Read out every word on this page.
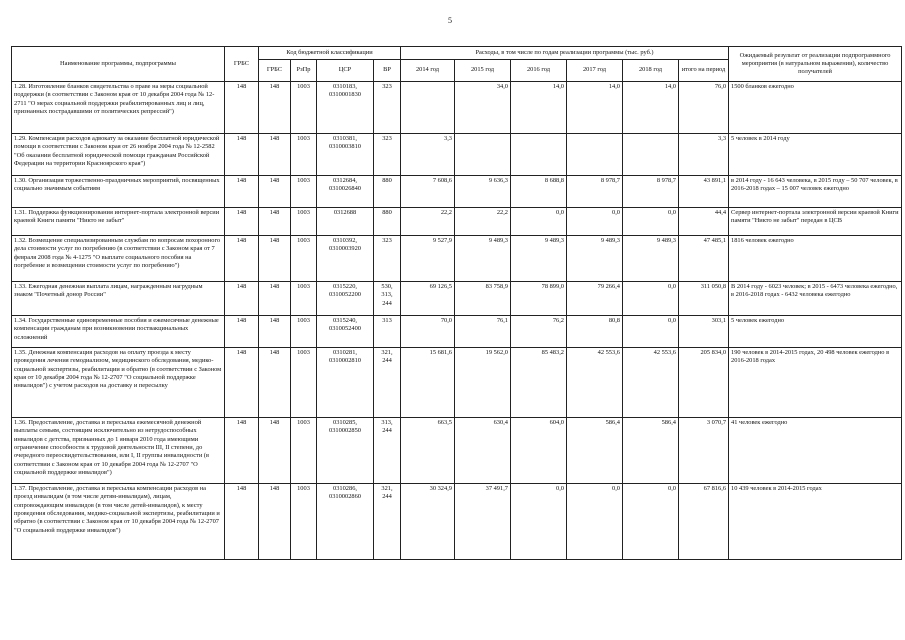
5
Наименование программы, подпрограммы	ГРБС	Код бюджетной классификации				Расходы, в том числе по годам реализации программы (тыс. руб.)						Ожидаемый результат от реализации подпрограммного мероприятия (в натуральном выражении), количество получателей
		ГРБС	РзПр	ЦСР	ВР	2014 год	2015 год	2016 год	2017 год	2018 год	итого на период	
1.28. Изготовление бланков свидетельства о праве на меры социальной поддержки (в соответствии с Законом края от 10 декабря 2004 года № 12-2711 "О мерах социальной поддержки реабилитированных лиц и лиц, признанных пострадавшими от политических репрессий")	148	148	1003	0310183, 0310001830	323		34,0	14,0	14,0	14,0	76,0	1500 бланков ежегодно
1.29. Компенсация расходов адвокату за оказание бесплатной юридической помощи в соответствии с Законом края от 26 ноября 2004 года № 12-2582 "Об оказании бесплатной юридической помощи гражданам Российской Федерации на территории Красноярского края")	148	148	1003	0310381, 0310003810	323	3,3					3,3	5 человек в 2014 году
1.30. Организация торжественно-праздничных мероприятий, посвященных социально значимым событиям	148	148	1003	0312684, 0310026840	880	7 608,6	9 636,3	8 688,8	8 978,7	8 978,7	43 891,1	в 2014 году - 16 643 человека, в 2015 году – 50 707 человек, в 2016-2018 годах – 15 007 человек ежегодно
1.31. Поддержка функционирования интернет-портала электронной версии краевой Книги памяти "Никто не забыт"	148	148	1003	0312688	880	22,2	22,2	0,0	0,0	0,0	44,4	Сервер интернет-портала электронной версии краевой Книги памяти "Никто не забыт" передан в ЦСВ
1.32. Возмещение специализированным службам по вопросам похоронного дела стоимости услуг по погребению (в соответствии с Законом края от 7 февраля 2008 года № 4-1275 "О выплате социального пособия на погребение и возмещении стоимости услуг по погребению")	148	148	1003	0310392, 0310003920	323	9 527,9	9 489,3	9 489,3	9 489,3	9 489,3	47 485,1	1816 человек ежегодно
1.33. Ежегодная денежная выплата лицам, награжденным нагрудным знаком "Почетный донор России"	148	148	1003	0315220, 0310052200	530, 313, 244	69 126,5	83 758,9	78 899,0	79 266,4	0,0	311 050,8	В 2014 году - 6023 человек; в 2015 - 6473 человека ежегодно, в 2016-2018 годах - 6432 человека ежегодно
1.34. Государственные единовременные пособия и ежемесячные денежные компенсации гражданам при возникновении поствакцинальных осложнений	148	148	1003	0315240, 0310052400	313	70,0	76,1	76,2	80,8	0,0	303,1	5 человек ежегодно
1.35. Денежная компенсация расходов на оплату проезда к месту проведения лечения гемодиализом, медицинского обследования, медико-социальной экспертизы, реабилитации и обратно (в соответствии с Законом края от 10 декабря 2004 года № 12-2707 "О социальной поддержке инвалидов") с учетом расходов на доставку и пересылку	148	148	1003	0310281, 0310002810	321, 244	15 681,6	19 562,0	85 483,2	42 553,6	42 553,6	205 834,0	190 человек в 2014-2015 годах, 20 498 человек ежегодно в 2016-2018 годах
1.36. Предоставление, доставка и пересылка ежемесячной денежной выплаты семьям, состоящим исключительно из нетрудоспособных инвалидов с детства, признанных до 1 января 2010 года имеющими ограничение способности к трудовой деятельности III, II степени, до очередного переосвидетельствования, или I, II группы инвалидности (в соответствии с Законом края от 10 декабря 2004 года № 12-2707 "О социальной поддержке инвалидов")	148	148	1003	0310285, 0310002850	313, 244	663,5	630,4	604,0	586,4	586,4	3 070,7	41 человек ежегодно
1.37. Предоставление, доставка и пересылка компенсации расходов на проезд инвалидам (в том числе детям-инвалидам), лицам, сопровождающим инвалидов (в том числе детей-инвалидов), к месту проведения обследования, медико-социальной экспертизы, реабилитации и обратно (в соответствии с Законом края от 10 декабря 2004 года № 12-2707 "О социальной поддержке инвалидов")	148	148	1003	0310286, 0310002860	321, 244	30 324,9	37 491,7	0,0	0,0	0,0	67 816,6	10 439 человек в 2014-2015 годах
